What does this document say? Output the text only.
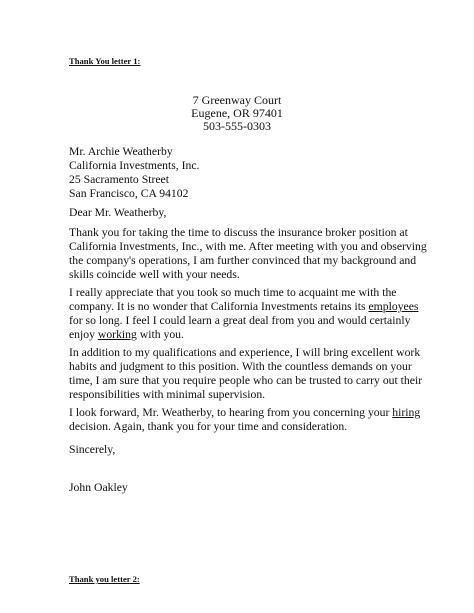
Thank You letter 1:
7 Greenway Court
Eugene, OR 97401
503-555-0303
Mr. Archie Weatherby
California Investments, Inc.
25 Sacramento Street
San Francisco, CA 94102
Dear Mr. Weatherby,
Thank you for taking the time to discuss the insurance broker position at
California Investments, Inc., with me. After meeting with you and observing
the company's operations, I am further convinced that my background and
skills coincide well with your needs.
I really appreciate that you took so much time to acquaint me with the
company. It is no wonder that California Investments retains its employees
for so long. I feel I could learn a great deal from you and would certainly
enjoy working with you.
In addition to my qualifications and experience, I will bring excellent work
habits and judgment to this position. With the countless demands on your
time, I am sure that you require people who can be trusted to carry out their
responsibilities with minimal supervision.
I look forward, Mr. Weatherby, to hearing from you concerning your hiring
decision. Again, thank you for your time and consideration.
Sincerely,
John Oakley
Thank you letter 2:
